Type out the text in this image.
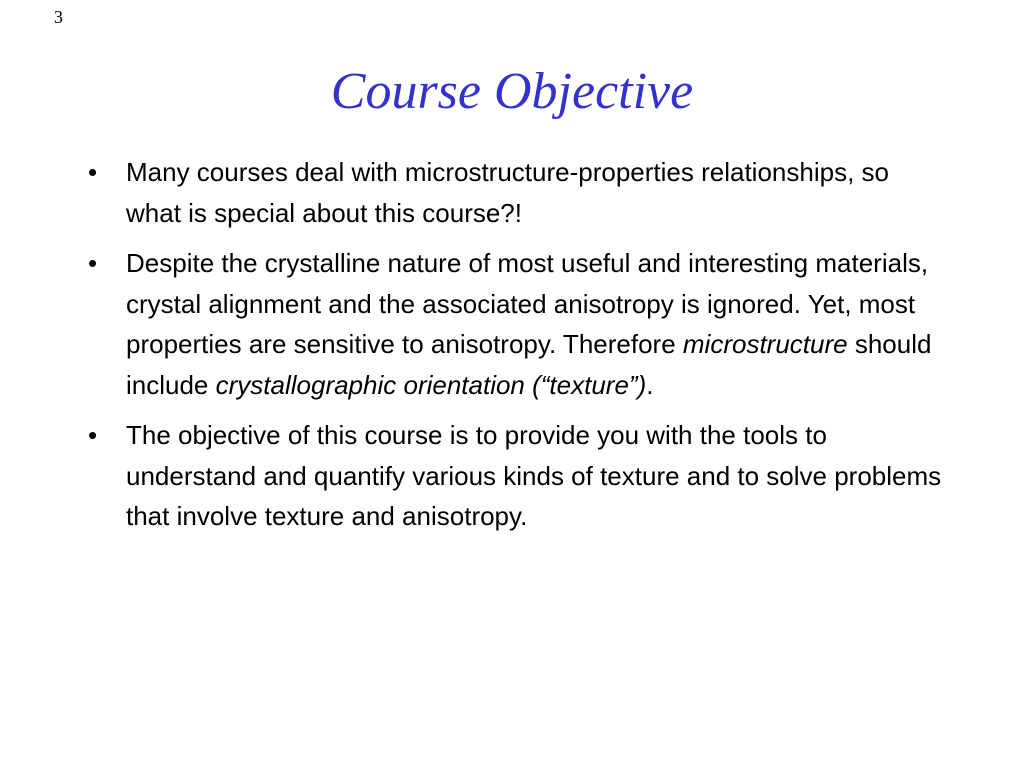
3
Course Objective
•	Many courses deal with microstructure-properties relationships, so what is special about this course?!
•	Despite the crystalline nature of most useful and interesting materials, crystal alignment and the associated anisotropy is ignored. Yet, most properties are sensitive to anisotropy. Therefore microstructure should include crystallographic orientation (“texture”).
•	The objective of this course is to provide you with the tools to understand and quantify various kinds of texture and to solve problems that involve texture and anisotropy.
